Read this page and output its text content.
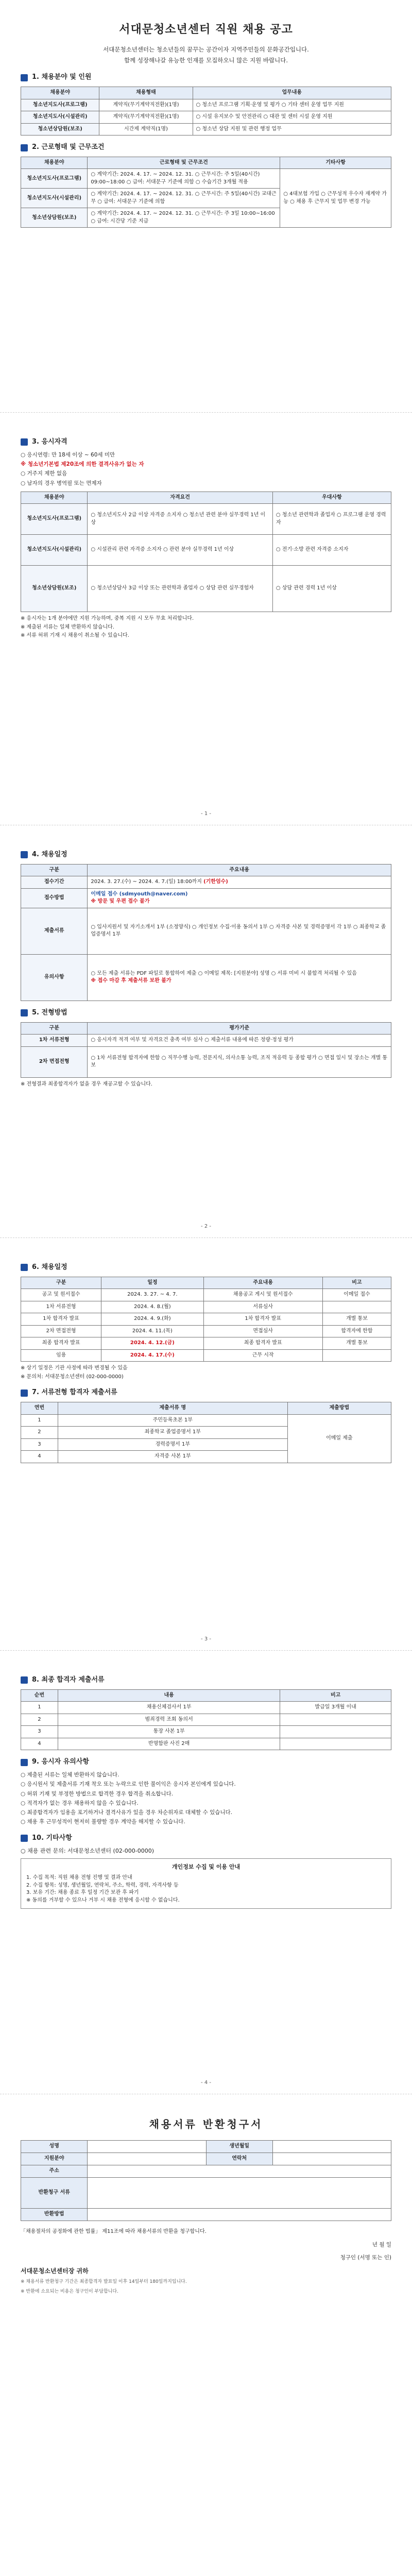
서대문청소년센터 직원 채용 공고

서대문청소년센터는 청소년들의 꿈꾸는 공간이자 지역주민들의 문화공간입니다.

함께 성장해나갈 유능한 인재를 모집하오니 많은 지원 바랍니다.

1. 채용분야 및 인원
채용분야	채용형태	업무내용
청소년지도사(프로그램)	계약직(무기계약직전환)(1명)	○ 청소년 프로그램 기획·운영 및 평가 ○ 기타 센터 운영 업무 지원
청소년지도사(시설관리)	계약직(무기계약직전환)(1명)	○ 시설 유지보수 및 안전관리 ○ 대관 및 센터 시설 운영 지원
청소년상담원(보조)	시간제 계약직(1명)	○ 청소년 상담 지원 및 관련 행정 업무
2. 근로형태 및 근무조건
채용분야	근로형태 및 근무조건	기타사항
청소년지도사(프로그램)	○ 계약기간: 2024. 4. 17. ~ 2024. 12. 31. ○ 근무시간: 주 5일(40시간) 09:00~18:00 ○ 급여: 서대문구 기준에 의함 ○ 수습기간 3개월 적용	○ 4대보험 가입 ○ 근무성적 우수자 재계약 가능 ○ 채용 후 근무지 및 업무 변경 가능
청소년지도사(시설관리)	○ 계약기간: 2024. 4. 17. ~ 2024. 12. 31. ○ 근무시간: 주 5일(40시간) 교대근무 ○ 급여: 서대문구 기준에 의함	
청소년상담원(보조)	○ 계약기간: 2024. 4. 17. ~ 2024. 12. 31. ○ 근무시간: 주 3일 10:00~16:00 ○ 급여: 시간당 기준 지급	
3. 응시자격

○ 응시연령: 만 18세 이상 ~ 60세 미만

※ 청소년기본법 제20조에 의한 결격사유가 없는 자

○ 거주지 제한 없음

○ 남자의 경우 병역필 또는 면제자

채용분야	자격요건	우대사항
청소년지도사(프로그램)	○ 청소년지도사 2급 이상 자격증 소지자 ○ 청소년 관련 분야 실무경력 1년 이상	○ 청소년 관련학과 졸업자 ○ 프로그램 운영 경력자
청소년지도사(시설관리)	○ 시설관리 관련 자격증 소지자 ○ 관련 분야 실무경력 1년 이상	○ 전기·소방 관련 자격증 소지자
청소년상담원(보조)	○ 청소년상담사 3급 이상 또는 관련학과 졸업자 ○ 상담 관련 실무경험자	○ 상담 관련 경력 1년 이상

※ 응시자는 1개 분야에만 지원 가능하며, 중복 지원 시 모두 무효 처리합니다.

※ 제출된 서류는 일체 반환하지 않습니다.

※ 서류 허위 기재 시 채용이 취소될 수 있습니다.

- 1 -
4. 채용일정
구분	주요내용
접수기간	2024. 3. 27.(수) ~ 2024. 4. 7.(일) 18:00까지 (기한엄수)
접수방법	이메일 접수 (sdmyouth@naver.com)
※ 방문 및 우편 접수 불가
제출서류	○ 입사지원서 및 자기소개서 1부 (소정양식) ○ 개인정보 수집·이용 동의서 1부 ○ 자격증 사본 및 경력증명서 각 1부 ○ 최종학교 졸업증명서 1부
유의사항	○ 모든 제출 서류는 PDF 파일로 통합하여 제출 ○ 이메일 제목: [지원분야] 성명 ○ 서류 미비 시 불합격 처리될 수 있음
※ 접수 마감 후 제출서류 보완 불가
5. 전형방법
구분	평가기준
1차 서류전형	○ 응시자격 적격 여부 및 자격요건 충족 여부 심사 ○ 제출서류 내용에 따른 정량·정성 평가
2차 면접전형	○ 1차 서류전형 합격자에 한함 ○ 직무수행 능력, 전문지식, 의사소통 능력, 조직 적응력 등 종합 평가 ○ 면접 일시 및 장소는 개별 통보

※ 전형결과 최종합격자가 없을 경우 재공고할 수 있습니다.

- 2 -
6. 채용일정
구분	일정	주요내용	비고
공고 및 원서접수	2024. 3. 27. ~ 4. 7.	채용공고 게시 및 원서접수	이메일 접수
1차 서류전형	2024. 4. 8.(월)	서류심사	
1차 합격자 발표	2024. 4. 9.(화)	1차 합격자 발표	개별 통보
2차 면접전형	2024. 4. 11.(목)	면접심사	합격자에 한함
최종 합격자 발표	2024. 4. 12.(금)	최종 합격자 발표	개별 통보
임용	2024. 4. 17.(수)	근무 시작	

※ 상기 일정은 기관 사정에 따라 변경될 수 있음

※ 문의처: 서대문청소년센터 (02-000-0000)

7. 서류전형 합격자 제출서류
연번	제출서류 명	제출방법
1	주민등록초본 1부	이메일 제출
2	최종학교 졸업증명서 1부	
3	경력증명서 1부	
4	자격증 사본 1부	
- 3 -
8. 최종 합격자 제출서류
순번	내용	비고
1	채용신체검사서 1부	발급일 3개월 이내
2	범죄경력 조회 동의서	
3	통장 사본 1부	
4	반명함판 사진 2매	
9. 응시자 유의사항

○ 제출된 서류는 일체 반환하지 않습니다.

○ 응시원서 및 제출서류 기재 착오 또는 누락으로 인한 불이익은 응시자 본인에게 있습니다.

○ 허위 기재 및 부정한 방법으로 합격한 경우 합격을 취소합니다.

○ 적격자가 없는 경우 채용하지 않을 수 있습니다.

○ 최종합격자가 임용을 포기하거나 결격사유가 있을 경우 차순위자로 대체할 수 있습니다.

○ 채용 후 근무성적이 현저히 불량할 경우 계약을 해지할 수 있습니다.

10. 기타사항

○ 채용 관련 문의: 서대문청소년센터 (02-000-0000)

개인정보 수집 및 이용 안내

1. 수집 목적: 직원 채용 전형 진행 및 결과 안내

2. 수집 항목: 성명, 생년월일, 연락처, 주소, 학력, 경력, 자격사항 등

3. 보유 기간: 채용 종료 후 일정 기간 보관 후 파기

※ 동의를 거부할 수 있으나 거부 시 채용 전형에 응시할 수 없습니다.

- 4 -
채용서류 반환청구서
성명		생년월일	
지원분야		연락처	
주소			
반환청구 서류			
반환방법			

「채용절차의 공정화에 관한 법률」 제11조에 따라 채용서류의 반환을 청구합니다.

년 월 일

청구인 (서명 또는 인)

서대문청소년센터장 귀하

※ 채용서류 반환청구 기간은 최종합격자 발표일 이후 14일부터 180일까지입니다.

※ 반환에 소요되는 비용은 청구인이 부담합니다.
